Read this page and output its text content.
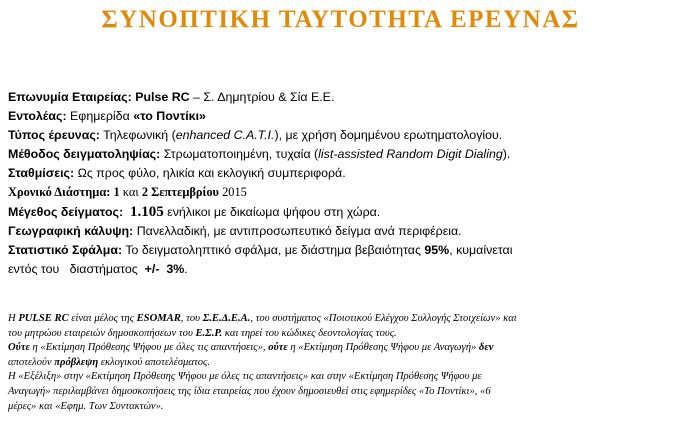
ΣΥΝΟΠΤΙΚΗ ΤΑΥΤΟΤΗΤΑ ΕΡΕΥΝΑΣ
Επωνυμία Εταιρείας: Pulse RC – Σ. Δημητρίου & Σία Ε.Ε.
Εντολέας: Εφημερίδα «το Ποντίκι»
Τύπος έρευνας: Τηλεφωνική (enhanced C.A.T.I.), με χρήση δομημένου ερωτηματολογίου.
Μέθοδος δειγματοληψίας: Στρωματοποιημένη, τυχαία (list-assisted Random Digit Dialing).
Σταθμίσεις: Ως προς φύλο, ηλικία και εκλογική συμπεριφορά.
Χρονικό Διάστημα: 1 και 2 Σεπτεμβρίου 2015
Μέγεθος δείγματος: 1.105 ενήλικοι με δικαίωμα ψήφου στη χώρα.
Γεωγραφική κάλυψη: Πανελλαδική, με αντιπροσωπευτικό δείγμα ανά περιφέρεια.
Στατιστικό Σφάλμα: Το δειγματοληπτικό σφάλμα, με διάστημα βεβαιότητας 95%, κυμαίνεται
εντός του   διαστήματος  +/-  3%.
Η PULSE RC είναι μέλος της ESOMAR, του Σ.Ε.Δ.Ε.Α., του συστήματος «Ποιοτικού Ελέγχου Συλλογής Στοιχείων» και
του μητρώου εταιρειών δημοσκοπήσεων του Ε.Σ.Ρ. και τηρεί του κώδικες δεοντολογίας τους.
Ούτε η «Εκτίμηση Πρόθεσης Ψήφου με όλες τις απαντήσεις», ούτε η «Εκτίμηση Πρόθεσης Ψήφου με Αναγωγή» δεν
αποτελούν πρόβλεψη εκλογικού αποτελέσματος.
Η «Εξέλιξη» στην «Εκτίμηση Πρόθεσης Ψήφου με όλες τις απαντήσεις» και στην «Εκτίμηση Πρόθεσης Ψήφου με
Αναγωγή» περιλαμβάνει δημοσκοπήσεις της ίδια εταιρείας που έχουν δημοσιευθεί στις εφημερίδες «Το Ποντίκι», «6
μέρες» και «Εφημ. Των Συντακτών».
